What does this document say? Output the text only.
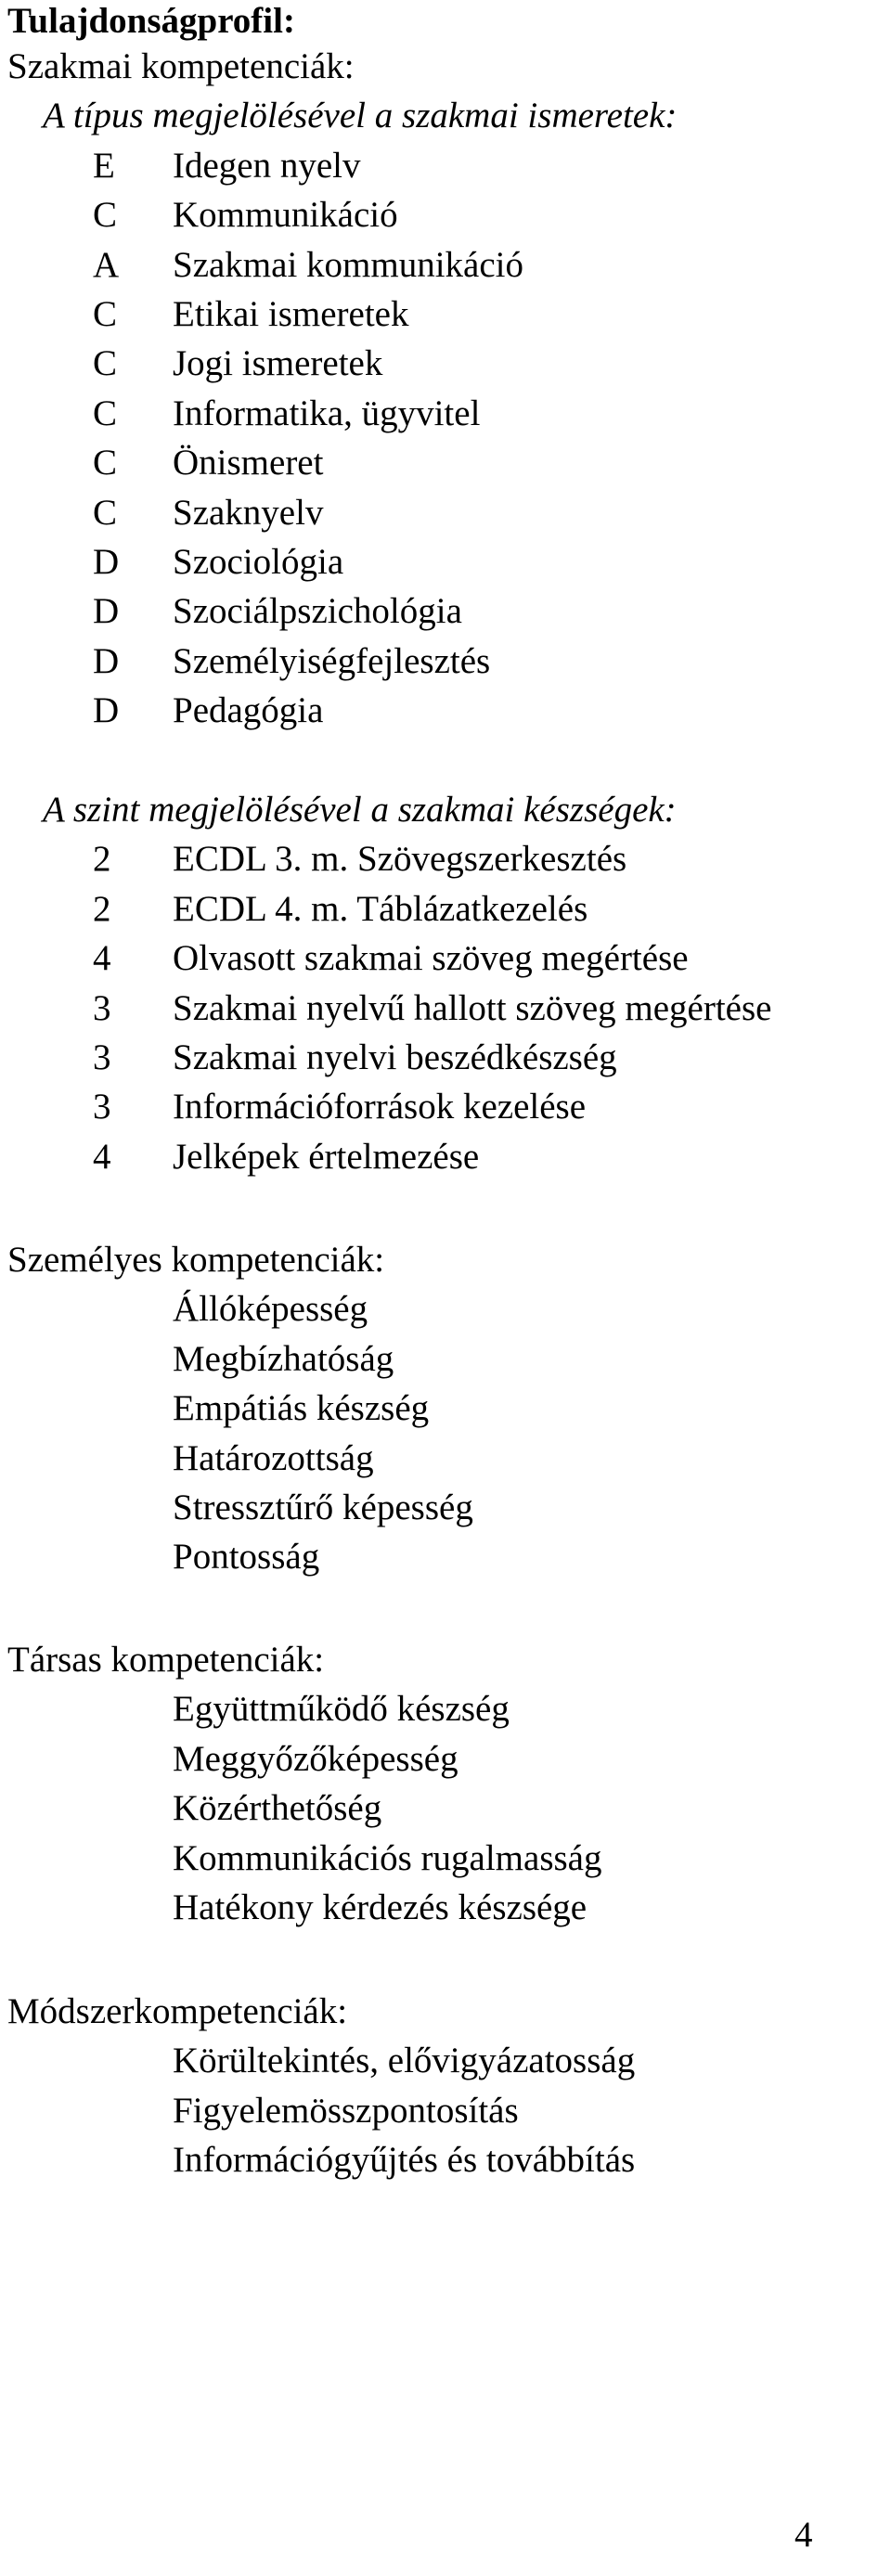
Tulajdonságprofil:
Szakmai kompetenciák:
A típus megjelölésével a szakmai ismeretek:
E	Idegen nyelv
C	Kommunikáció
A	Szakmai kommunikáció
C	Etikai ismeretek
C	Jogi ismeretek
C	Informatika, ügyvitel
C	Önismeret
C	Szaknyelv
D	Szociológia
D	Szociálpszichológia
D	Személyiségfejlesztés
D	Pedagógia
A szint megjelölésével a szakmai készségek:
2	ECDL 3. m. Szövegszerkesztés
2	ECDL 4. m. Táblázatkezelés
4	Olvasott szakmai szöveg megértése
3	Szakmai nyelvű hallott szöveg megértése
3	Szakmai nyelvi beszédkészség
3	Információforrások kezelése
4	Jelképek értelmezése
Személyes kompetenciák:
Állóképesség
Megbízhatóság
Empátiás készség
Határozottság
Stressztűrő képesség
Pontosság
Társas kompetenciák:
Együttműködő készség
Meggyőzőképesség
Közérthetőség
Kommunikációs rugalmasság
Hatékony kérdezés készsége
Módszerkompetenciák:
Körültekintés, elővigyázatosság
Figyelemösszpontosítás
Információgyűjtés és továbbítás
4
